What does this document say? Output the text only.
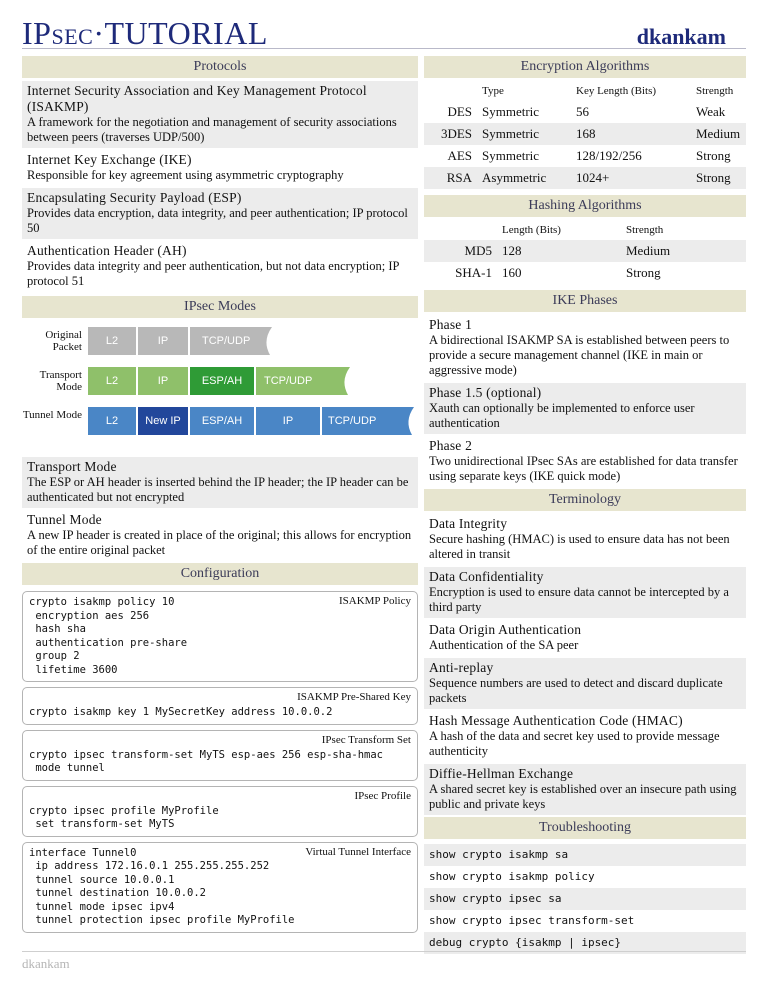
IPSEC·TUTORIAL	dkankam
Protocols
Internet Security Association and Key Management Protocol (ISAKMP)
A framework for the negotiation and management of security associations between peers (traverses UDP/500)
Internet Key Exchange (IKE)
Responsible for key agreement using asymmetric cryptography
Encapsulating Security Payload (ESP)
Provides data encryption, data integrity, and peer authentication; IP protocol 50
Authentication Header (AH)
Provides data integrity and peer authentication, but not data encryption; IP protocol 51
IPsec Modes
Original Packet	L2	IP	TCP/UDP
Transport Mode	L2	IP	ESP/AH	TCP/UDP
Tunnel Mode	L2	New IP	ESP/AH	IP	TCP/UDP
Transport Mode
The ESP or AH header is inserted behind the IP header; the IP header can be authenticated but not encrypted
Tunnel Mode
A new IP header is created in place of the original; this allows for encryption of the entire original packet
Configuration
ISAKMP Policy
crypto isakmp policy 10
encryption aes 256
hash sha
authentication pre-share
group 2
lifetime 3600
ISAKMP Pre-Shared Key
crypto isakmp key 1 MySecretKey address 10.0.0.2
IPsec Transform Set
crypto ipsec transform-set MyTS esp-aes 256 esp-sha-hmac
mode tunnel
IPsec Profile
crypto ipsec profile MyProfile
set transform-set MyTS
Virtual Tunnel Interface
interface Tunnel0
ip address 172.16.0.1 255.255.255.252
tunnel source 10.0.0.1
tunnel destination 10.0.0.2
tunnel mode ipsec ipv4
tunnel protection ipsec profile MyProfile
Encryption Algorithms
	Type	Key Length (Bits)	Strength
DES	Symmetric	56	Weak
3DES	Symmetric	168	Medium
AES	Symmetric	128/192/256	Strong
RSA	Asymmetric	1024+	Strong
Hashing Algorithms
	Length (Bits)	Strength
MD5	128	Medium
SHA-1	160	Strong
IKE Phases
Phase 1
A bidirectional ISAKMP SA is established between peers to provide a secure management channel (IKE in main or aggressive mode)
Phase 1.5 (optional)
Xauth can optionally be implemented to enforce user authentication
Phase 2
Two unidirectional IPsec SAs are established for data transfer using separate keys (IKE quick mode)
Terminology
Data Integrity
Secure hashing (HMAC) is used to ensure data has not been altered in transit
Data Confidentiality
Encryption is used to ensure data cannot be intercepted by a third party
Data Origin Authentication
Authentication of the SA peer
Anti-replay
Sequence numbers are used to detect and discard duplicate packets
Hash Message Authentication Code (HMAC)
A hash of the data and secret key used to provide message authenticity
Diffie-Hellman Exchange
A shared secret key is established over an insecure path using public and private keys
Troubleshooting
show crypto isakmp sa
show crypto isakmp policy
show crypto ipsec sa
show crypto ipsec transform-set
debug crypto {isakmp | ipsec}
dkankam
